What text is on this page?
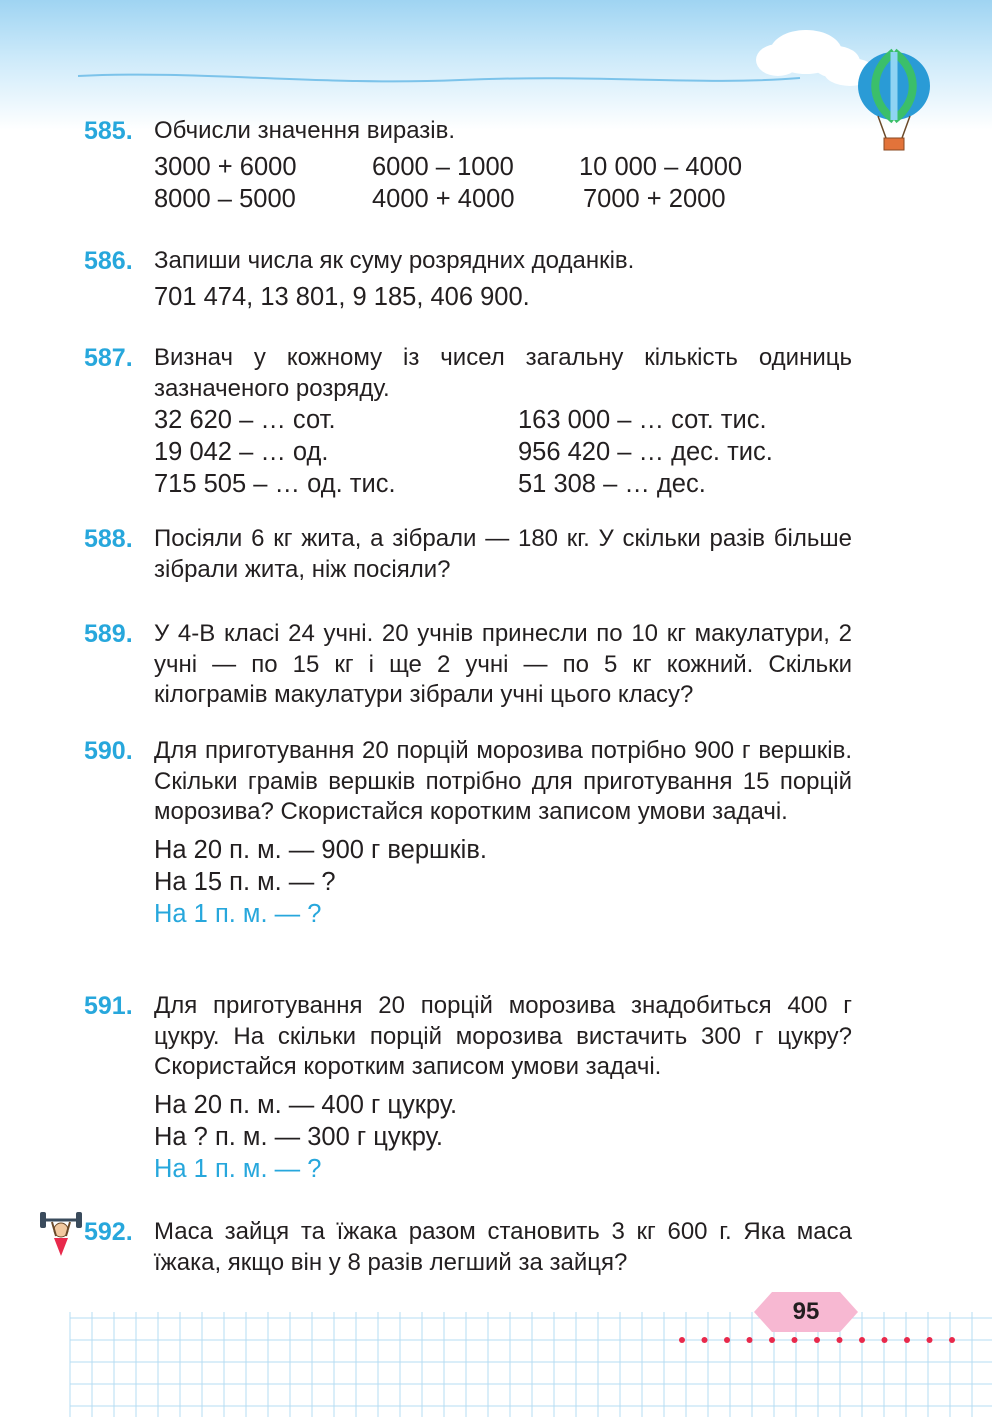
585. Обчисли значення виразів.
3000 + 6000	6000 – 1000	10 000 – 4000
8000 – 5000	4000 + 4000	7000 + 2000
586. Запиши числа як суму розрядних доданків.
701 474, 13 801, 9 185, 406 900.
587. Визнач у кожному із чисел загальну кількість одиниць зазначеного розряду.
32 620 – … сот.	163 000 – … сот. тис.
19 042 – … од.	956 420 – … дес. тис.
715 505 – … од. тис.	51 308 – … дес.
588. Посіяли 6 кг жита, а зібрали — 180 кг. У скільки разів більше зібрали жита, ніж посіяли?
589. У 4-В класі 24 учні. 20 учнів принесли по 10 кг макулатури, 2 учні — по 15 кг і ще 2 учні — по 5 кг кожний. Скільки кілограмів макулатури зібрали учні цього класу?
590. Для приготування 20 порцій морозива потрібно 900 г вершків. Скільки грамів вершків потрібно для приготування 15 порцій морозива? Скористайся коротким записом умови задачі.
На 20 п. м. — 900 г вершків.
На 15 п. м. — ?
На 1 п. м. — ?
591. Для приготування 20 порцій морозива знадобиться 400 г цукру. На скільки порцій морозива вистачить 300 г цукру? Скористайся коротким записом умови задачі.
На 20 п. м. — 400 г цукру.
На ? п. м. — 300 г цукру.
На 1 п. м. — ?
592. Маса зайця та їжака разом становить 3 кг 600 г. Яка маса їжака, якщо він у 8 разів легший за зайця?
95
